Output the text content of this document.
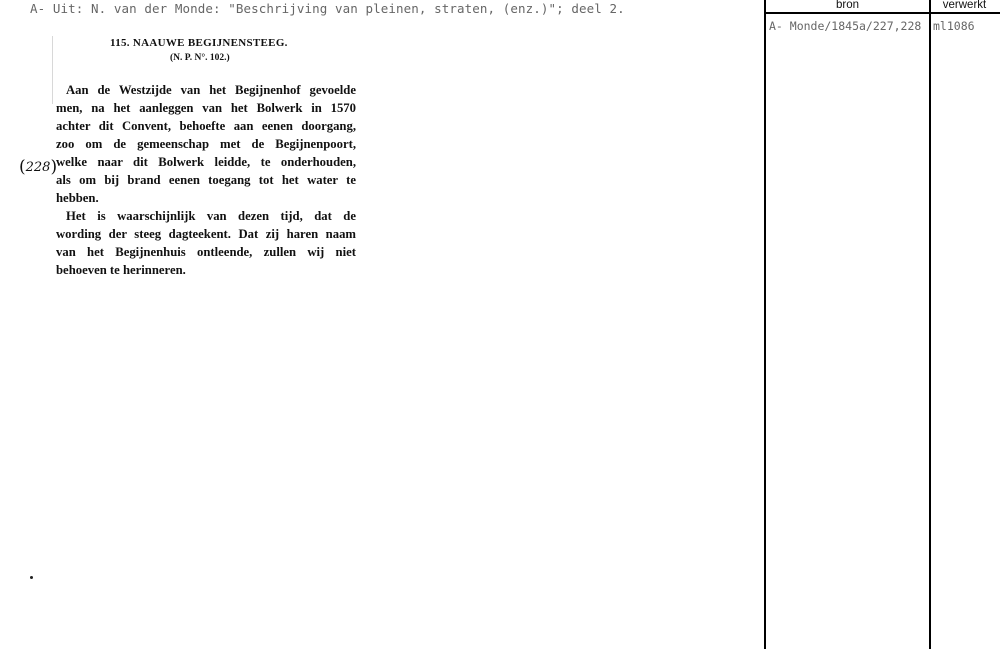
A- Uit: N. van der Monde: "Beschrijving van pleinen, straten, (enz.)"; deel 2.
115. NAAUWE BEGIJNENSTEEG.
(N. P. N°. 102.)
(228)
Aan de Westzijde van het Begijnenhof gevoelde
men, na het aanleggen van het Bolwerk in 1570
achter dit Convent, behoefte aan eenen doorgang,
zoo om de gemeenschap met de Begijnenpoort,
welke naar dit Bolwerk leidde, te onderhouden,
als om bij brand eenen toegang tot het water te
hebben.
Het is waarschijnlijk van dezen tijd, dat de
wording der steeg dagteekent. Dat zij haren naam
van het Begijnenhuis ontleende, zullen wij niet
behoeven te herinneren.
bron	verwerkt
A- Monde/1845a/227,228 ml1086
